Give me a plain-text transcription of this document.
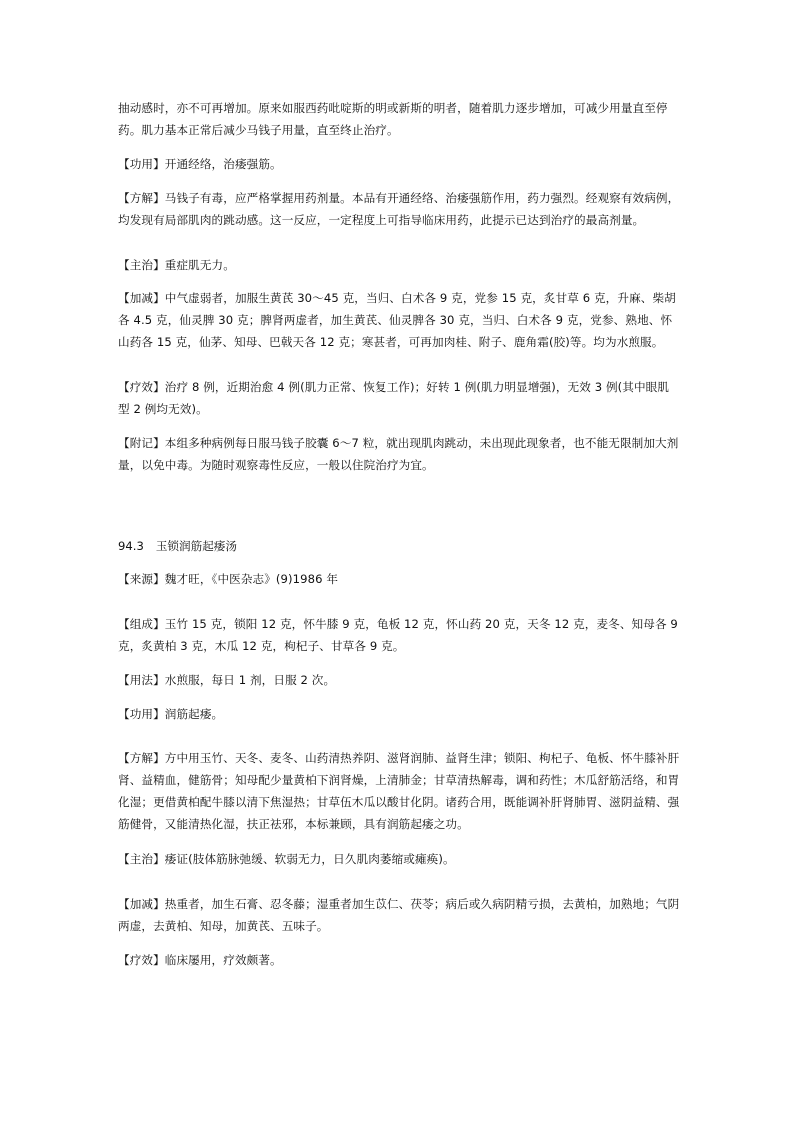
抽动感时，亦不可再增加。原来如服西药吡啶斯的明或新斯的明者，随着肌力逐步增加，可减少用量直至停药。肌力基本正常后减少马钱子用量，直至终止治疗。

【功用】开通经络，治痿强筋。

【方解】马钱子有毒，应严格掌握用药剂量。本品有开通经络、治痿强筋作用，药力强烈。经观察有效病例，均发现有局部肌肉的跳动感。这一反应，一定程度上可指导临床用药，此提示已达到治疗的最高剂量。

【主治】重症肌无力。

【加减】中气虚弱者，加服生黄芪 30～45 克，当归、白术各 9 克，党参 15 克，炙甘草 6 克，升麻、柴胡各 4.5 克，仙灵脾 30 克；脾肾两虚者，加生黄芪、仙灵脾各 30 克，当归、白术各 9 克，党参、熟地、怀山药各 15 克，仙茅、知母、巴戟天各 12 克；寒甚者，可再加肉桂、附子、鹿角霜(胶)等。均为水煎服。

【疗效】治疗 8 例，近期治愈 4 例(肌力正常、恢复工作)；好转 1 例(肌力明显增强)，无效 3 例(其中眼肌型 2 例均无效)。

【附记】本组多种病例每日服马钱子胶囊 6～7 粒，就出现肌肉跳动，未出现此现象者，也不能无限制加大剂量，以免中毒。为随时观察毒性反应，一般以住院治疗为宜。

94.3 玉锁润筋起痿汤

【来源】魏才旺，《中医杂志》(9)1986 年

【组成】玉竹 15 克，锁阳 12 克，怀牛膝 9 克，龟板 12 克，怀山药 20 克，天冬 12 克，麦冬、知母各 9 克，炙黄柏 3 克，木瓜 12 克，枸杞子、甘草各 9 克。

【用法】水煎服，每日 1 剂，日服 2 次。

【功用】润筋起痿。

【方解】方中用玉竹、天冬、麦冬、山药清热养阴、滋肾润肺、益肾生津；锁阳、枸杞子、龟板、怀牛膝补肝肾、益精血，健筋骨；知母配少量黄柏下润肾燥，上清肺金；甘草清热解毒，调和药性；木瓜舒筋活络，和胃化湿；更借黄柏配牛膝以清下焦湿热；甘草伍木瓜以酸甘化阴。诸药合用，既能调补肝肾肺胃、滋阴益精、强筋健骨，又能清热化湿，扶正祛邪，本标兼顾，具有润筋起痿之功。

【主治】痿证(肢体筋脉弛缓、软弱无力，日久肌肉萎缩或瘫痪)。

【加减】热重者，加生石膏、忍冬藤；湿重者加生苡仁、茯苓；病后或久病阴精亏损，去黄柏，加熟地；气阴两虚，去黄柏、知母，加黄芪、五味子。

【疗效】临床屡用，疗效颇著。
